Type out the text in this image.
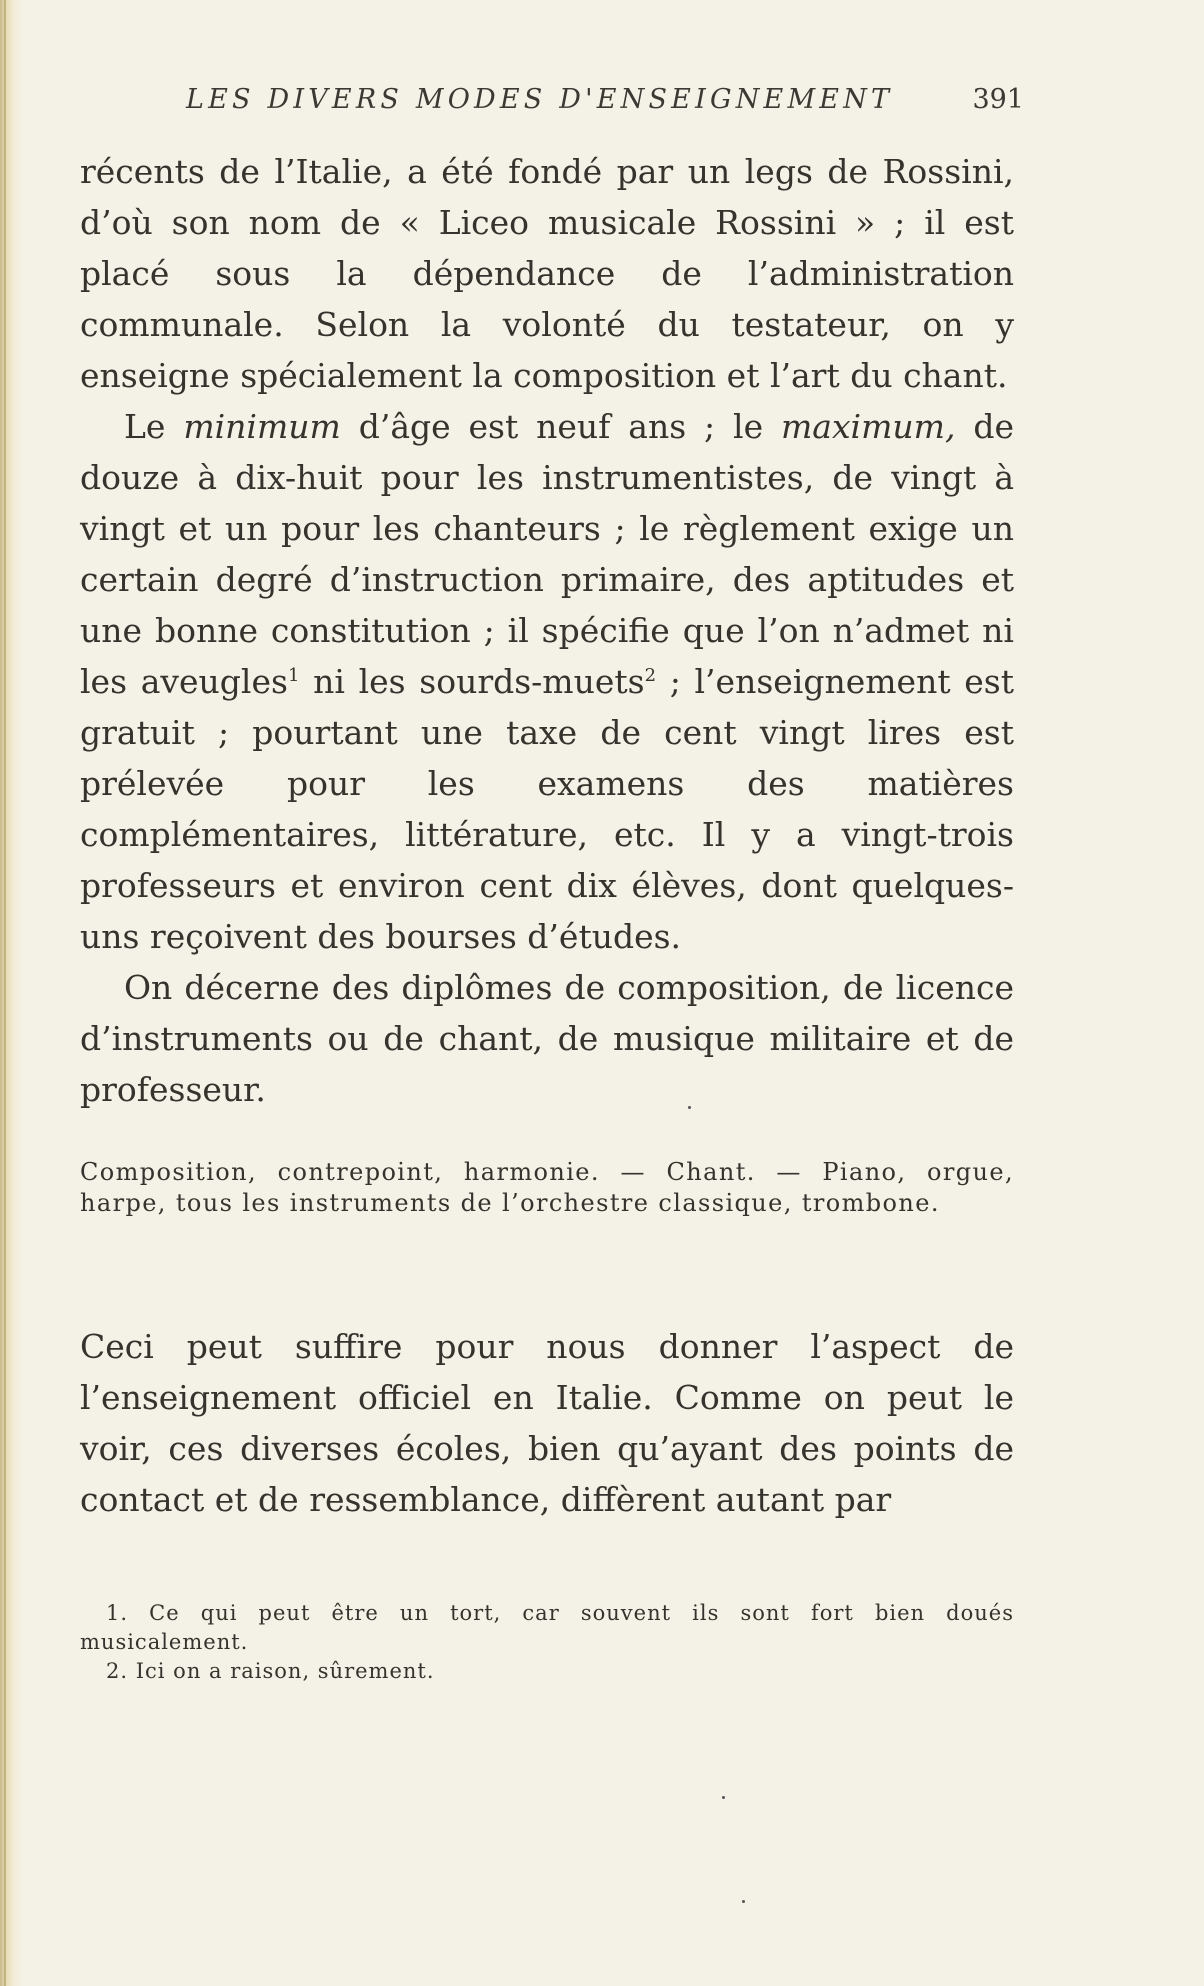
LES DIVERS MODES D'ENSEIGNEMENT	391

récents de l’Italie, a été fondé par un legs de Rossini, d’où son nom de « Liceo musicale Rossini » ; il est placé sous la dépendance de l’administration communale. Selon la volonté du testateur, on y enseigne spécialement la composition et l’art du chant.

Le minimum d’âge est neuf ans ; le maximum, de douze à dix-huit pour les instrumentistes, de vingt à vingt et un pour les chanteurs ; le règlement exige un certain degré d’instruction primaire, des aptitudes et une bonne constitution ; il spécifie que l’on n’admet ni les aveugles$^1$ ni les sourds-muets$^2$ ; l’enseignement est gratuit ; pourtant une taxe de cent vingt lires est prélevée pour les examens des matières complémentaires, littérature, etc. Il y a vingt-trois professeurs et environ cent dix élèves, dont quelques-uns reçoivent des bourses d’études.

On décerne des diplômes de composition, de licence d’instruments ou de chant, de musique militaire et de professeur.

Composition, contrepoint, harmonie. — Chant. — Piano, orgue, harpe, tous les instruments de l’orchestre classique, trombone.

Ceci peut suffire pour nous donner l’aspect de l’enseignement officiel en Italie. Comme on peut le voir, ces diverses écoles, bien qu’ayant des points de contact et de ressemblance, diffèrent autant par

1. Ce qui peut être un tort, car souvent ils sont fort bien doués musicalement.

2. Ici on a raison, sûrement.
